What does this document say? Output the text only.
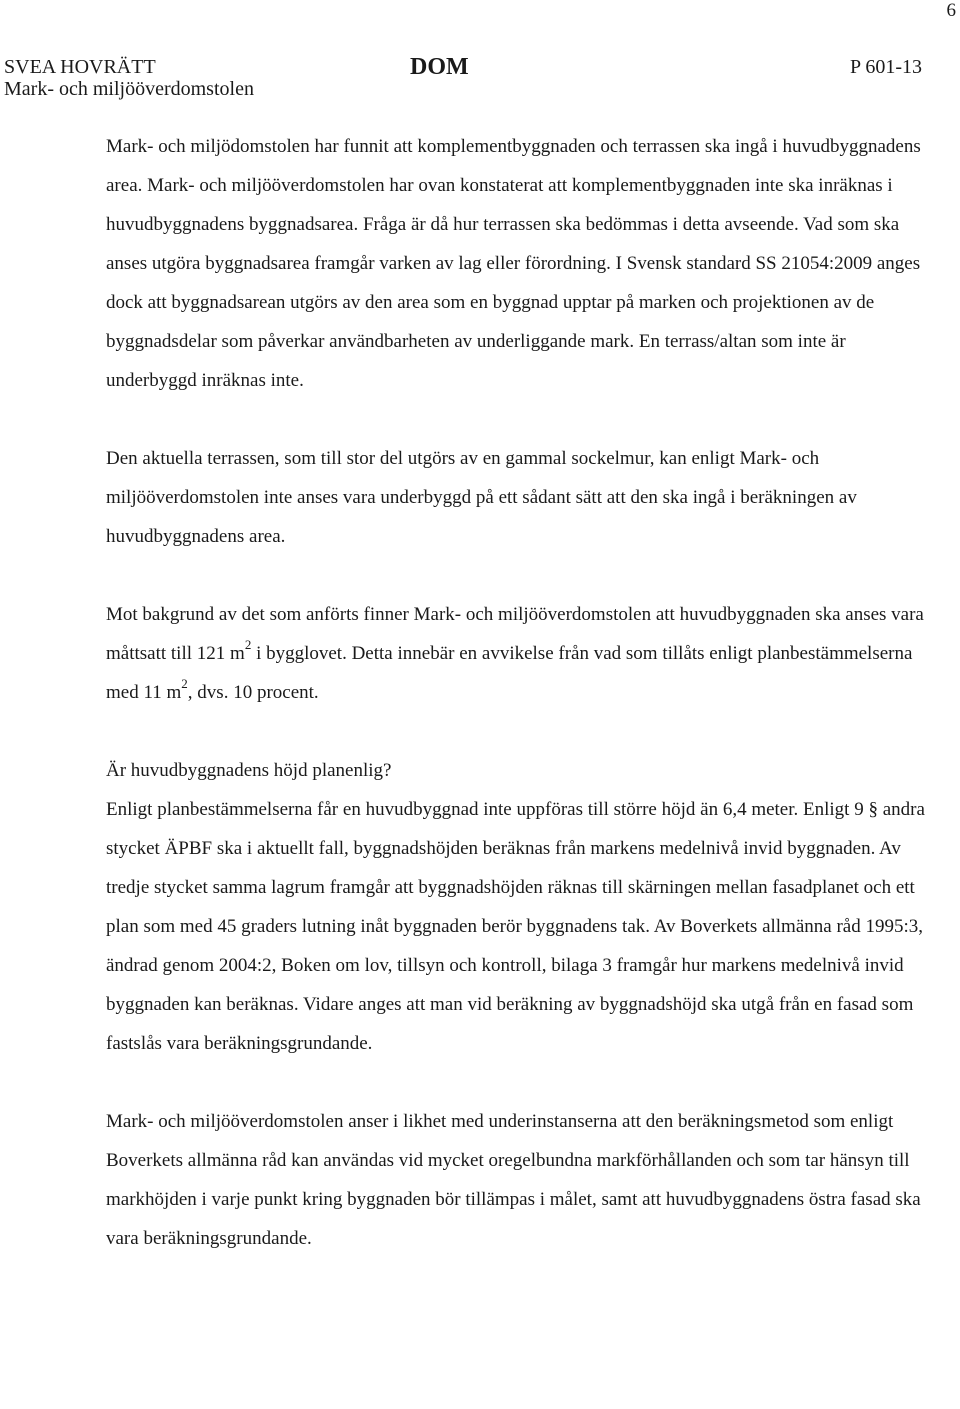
6
SVEA HOVRÄTT
Mark- och miljööverdomstolen
DOM	P 601-13

Mark- och miljödomstolen har funnit att komplementbyggnaden och terrassen ska ingå i huvudbyggnadens area. Mark- och miljööverdomstolen har ovan konstaterat att komplementbyggnaden inte ska inräknas i huvudbyggnadens byggnadsarea. Fråga är då hur terrassen ska bedömmas i detta avseende. Vad som ska anses utgöra byggnadsarea framgår varken av lag eller förordning. I Svensk standard SS 21054:2009 anges dock att byggnadsarean utgörs av den area som en byggnad upptar på marken och projektionen av de byggnadsdelar som påverkar användbarheten av underliggande mark. En terrass/altan som inte är underbyggd inräknas inte.

Den aktuella terrassen, som till stor del utgörs av en gammal sockelmur, kan enligt Mark- och miljööverdomstolen inte anses vara underbyggd på ett sådant sätt att den ska ingå i beräkningen av huvudbyggnadens area.

Mot bakgrund av det som anförts finner Mark- och miljööverdomstolen att huvudbyggnaden ska anses vara måttsatt till 121 $m^2$ i bygglovet. Detta innebär en avvikelse från vad som tillåts enligt planbestämmelserna med 11 $m^2$, dvs. 10 procent.

Är huvudbyggnadens höjd planenlig?

Enligt planbestämmelserna får en huvudbyggnad inte uppföras till större höjd än 6,4 meter. Enligt 9 § andra stycket ÄPBF ska i aktuellt fall, byggnadshöjden beräknas från markens medelnivå invid byggnaden. Av tredje stycket samma lagrum framgår att byggnadshöjden räknas till skärningen mellan fasadplanet och ett plan som med 45 graders lutning inåt byggnaden berör byggnadens tak. Av Boverkets allmänna råd 1995:3, ändrad genom 2004:2, Boken om lov, tillsyn och kontroll, bilaga 3 framgår hur markens medelnivå invid byggnaden kan beräknas. Vidare anges att man vid beräkning av byggnadshöjd ska utgå från en fasad som fastslås vara beräkningsgrundande.

Mark- och miljööverdomstolen anser i likhet med underinstanserna att den beräkningsmetod som enligt Boverkets allmänna råd kan användas vid mycket oregelbundna markförhållanden och som tar hänsyn till markhöjden i varje punkt kring byggnaden bör tillämpas i målet, samt att huvudbyggnadens östra fasad ska vara beräkningsgrundande.
